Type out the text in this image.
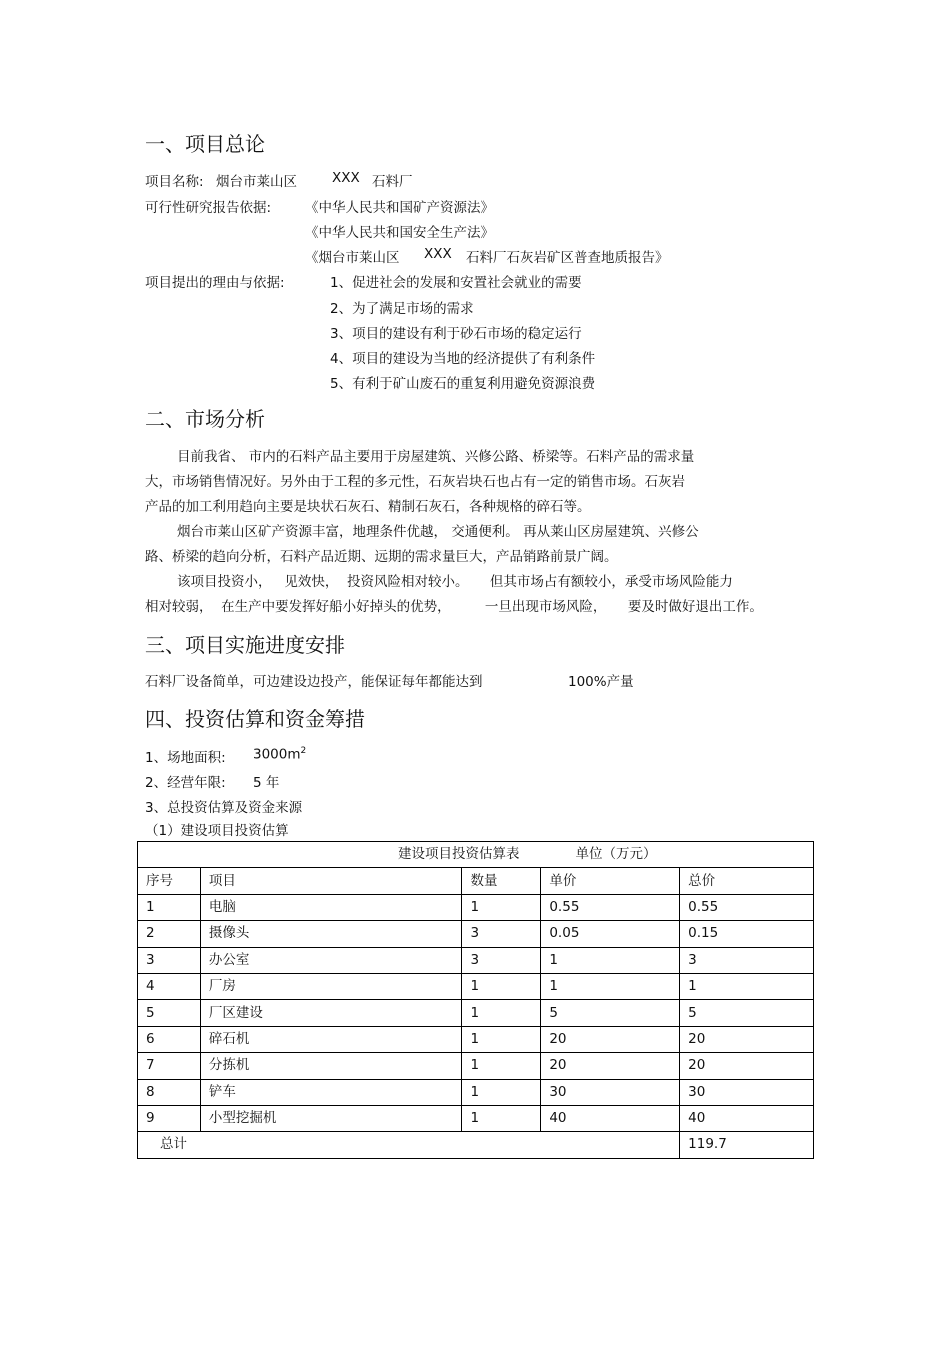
一、项目总论
项目名称: 烟台市莱山区	XXX 石料厂
可行性研究报告依据:	《中华人民共和国矿产资源法》
《中华人民共和国安全生产法》
《烟台市莱山区 XXX 石料厂石灰岩矿区普查地质报告》
项目提出的理由与依据:	1、促进社会的发展和安置社会就业的需要
2、为了满足市场的需求
3、项目的建设有利于砂石市场的稳定运行
4、项目的建设为当地的经济提供了有利条件
5、有利于矿山废石的重复利用避免资源浪费
二、市场分析
目前我省、 市内的石料产品主要用于房屋建筑、兴修公路、桥梁等。石料产品的需求量
大，市场销售情况好。另外由于工程的多元性，石灰岩块石也占有一定的销售市场。石灰岩
产品的加工利用趋向主要是块状石灰石、精制石灰石，各种规格的碎石等。
烟台市莱山区矿产资源丰富，地理条件优越， 交通便利。 再从莱山区房屋建筑、兴修公
路、桥梁的趋向分析，石料产品近期、远期的需求量巨大，产品销路前景广阔。
该项目投资小，   见效快，  投资风险相对较小。     但其市场占有额较小，承受市场风险能力
相对较弱，  在生产中要发挥好船小好掉头的优势，        一旦出现市场风险，     要及时做好退出工作。
三、项目实施进度安排
石料厂设备简单，可边建设边投产，能保证每年都能达到	100%产量
四、投资估算和资金筹措
1、场地面积: $3000m^2$
2、经营年限: 5 年
3、总投资估算及资金来源
（1）建设项目投资估算
建设项目投资估算表 单位（万元）				
序号	项目	数量	单价	总价
1	电脑	1	0.55	0.55
2	摄像头	3	0.05	0.15
3	办公室	3	1	3
4	厂房	1	1	1
5	厂区建设	1	5	5
6	碎石机	1	20	20
7	分拣机	1	20	20
8	铲车	1	30	30
9	小型挖掘机	1	40	40
总计				119.7
